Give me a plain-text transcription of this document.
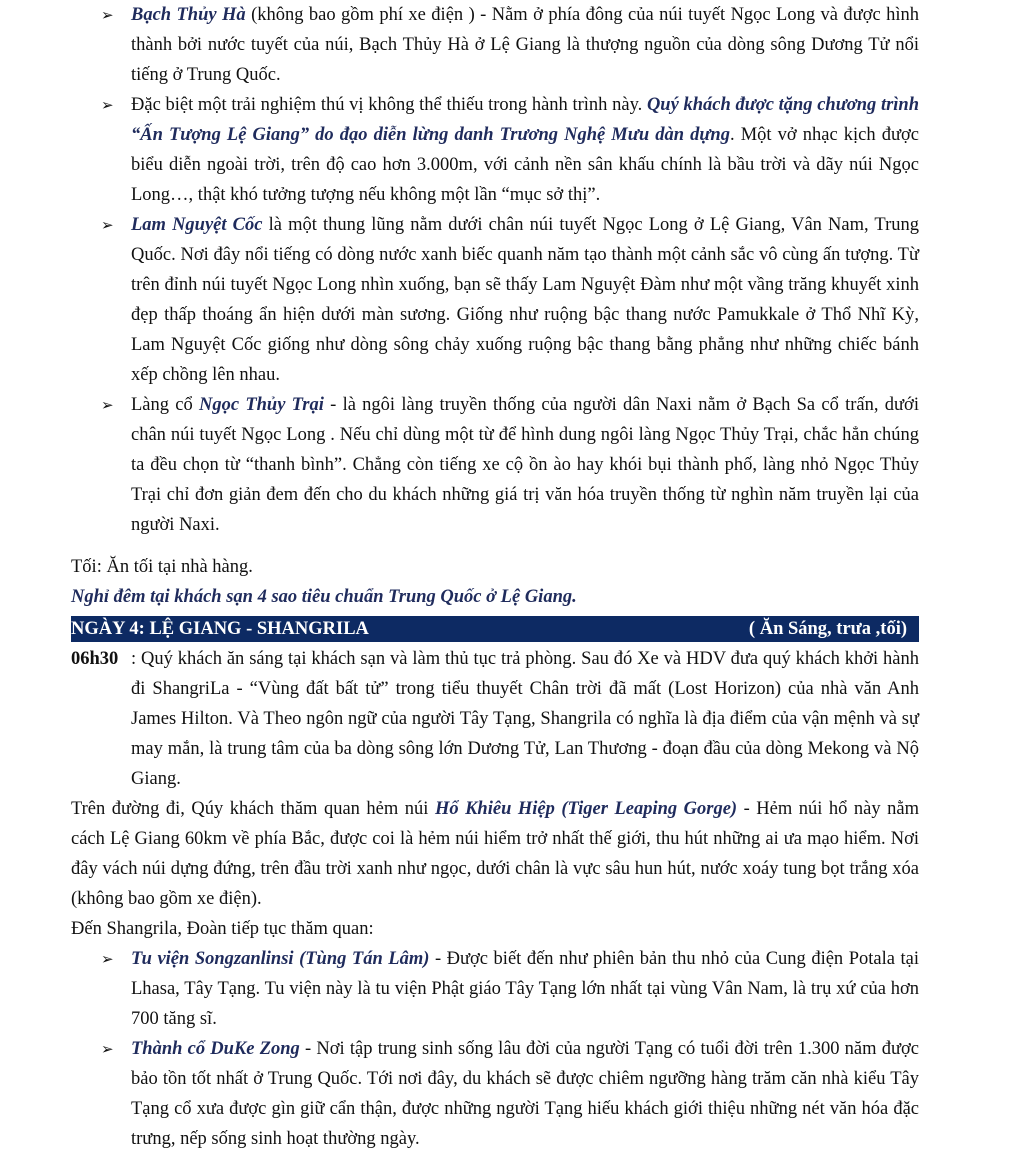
➢ Bạch Thủy Hà (không bao gồm phí xe điện ) - Nằm ở phía đông của núi tuyết Ngọc Long và được hình thành bởi nước tuyết của núi, Bạch Thủy Hà ở Lệ Giang là thượng nguồn của dòng sông Dương Tử nổi tiếng ở Trung Quốc.

➢ Đặc biệt một trải nghiệm thú vị không thể thiếu trong hành trình này. Quý khách được tặng chương trình “Ấn Tượng Lệ Giang” do đạo diễn lừng danh Trương Nghệ Mưu dàn dựng. Một vở nhạc kịch được biểu diễn ngoài trời, trên độ cao hơn 3.000m, với cảnh nền sân khấu chính là bầu trời và dãy núi Ngọc Long…, thật khó tưởng tượng nếu không một lần “mục sở thị”.

➢ Lam Nguyệt Cốc là một thung lũng nằm dưới chân núi tuyết Ngọc Long ở Lệ Giang, Vân Nam, Trung Quốc. Nơi đây nổi tiếng có dòng nước xanh biếc quanh năm tạo thành một cảnh sắc vô cùng ấn tượng. Từ trên đỉnh núi tuyết Ngọc Long nhìn xuống, bạn sẽ thấy Lam Nguyệt Đàm như một vầng trăng khuyết xinh đẹp thấp thoáng ẩn hiện dưới màn sương. Giống như ruộng bậc thang nước Pamukkale ở Thổ Nhĩ Kỳ, Lam Nguyệt Cốc giống như dòng sông chảy xuống ruộng bậc thang bằng phẳng như những chiếc bánh xếp chồng lên nhau.

➢ Làng cổ Ngọc Thủy Trại - là ngôi làng truyền thống của người dân Naxi nằm ở Bạch Sa cổ trấn, dưới chân núi tuyết Ngọc Long . Nếu chỉ dùng một từ để hình dung ngôi làng Ngọc Thủy Trại, chắc hẳn chúng ta đều chọn từ “thanh bình”. Chẳng còn tiếng xe cộ ồn ào hay khói bụi thành phố, làng nhỏ Ngọc Thủy Trại chỉ đơn giản đem đến cho du khách những giá trị văn hóa truyền thống từ nghìn năm truyền lại của người Naxi.

Tối: Ăn tối tại nhà hàng.

Nghỉ đêm tại khách sạn 4 sao tiêu chuẩn Trung Quốc ở Lệ Giang.

NGÀY 4: LỆ GIANG - SHANGRILA	( Ăn Sáng, trưa ,tối)

06h30 : Quý khách ăn sáng tại khách sạn và làm thủ tục trả phòng. Sau đó Xe và HDV đưa quý khách khởi hành đi ShangriLa - “Vùng đất bất tử” trong tiểu thuyết Chân trời đã mất (Lost Horizon) của nhà văn Anh James Hilton. Và Theo ngôn ngữ của người Tây Tạng, Shangrila có nghĩa là địa điểm của vận mệnh và sự may mắn, là trung tâm của ba dòng sông lớn Dương Tử, Lan Thương - đoạn đầu của dòng Mekong và Nộ Giang.

Trên đường đi, Qúy khách thăm quan hẻm núi Hổ Khiêu Hiệp (Tiger Leaping Gorge) - Hẻm núi hổ này nằm cách Lệ Giang 60km về phía Bắc, được coi là hẻm núi hiểm trở nhất thế giới, thu hút những ai ưa mạo hiểm. Nơi đây vách núi dựng đứng, trên đầu trời xanh như ngọc, dưới chân là vực sâu hun hút, nước xoáy tung bọt trắng xóa (không bao gồm xe điện).

Đến Shangrila, Đoàn tiếp tục thăm quan:

➢ Tu viện Songzanlinsi (Tùng Tán Lâm) - Được biết đến như phiên bản thu nhỏ của Cung điện Potala tại Lhasa, Tây Tạng. Tu viện này là tu viện Phật giáo Tây Tạng lớn nhất tại vùng Vân Nam, là trụ xứ của hơn 700 tăng sĩ.

➢ Thành cổ DuKe Zong - Nơi tập trung sinh sống lâu đời của người Tạng có tuổi đời trên 1.300 năm được bảo tồn tốt nhất ở Trung Quốc. Tới nơi đây, du khách sẽ được chiêm ngưỡng hàng trăm căn nhà kiểu Tây Tạng cổ xưa được gìn giữ cẩn thận, được những người Tạng hiếu khách giới thiệu những nét văn hóa đặc trưng, nếp sống sinh hoạt thường ngày.
